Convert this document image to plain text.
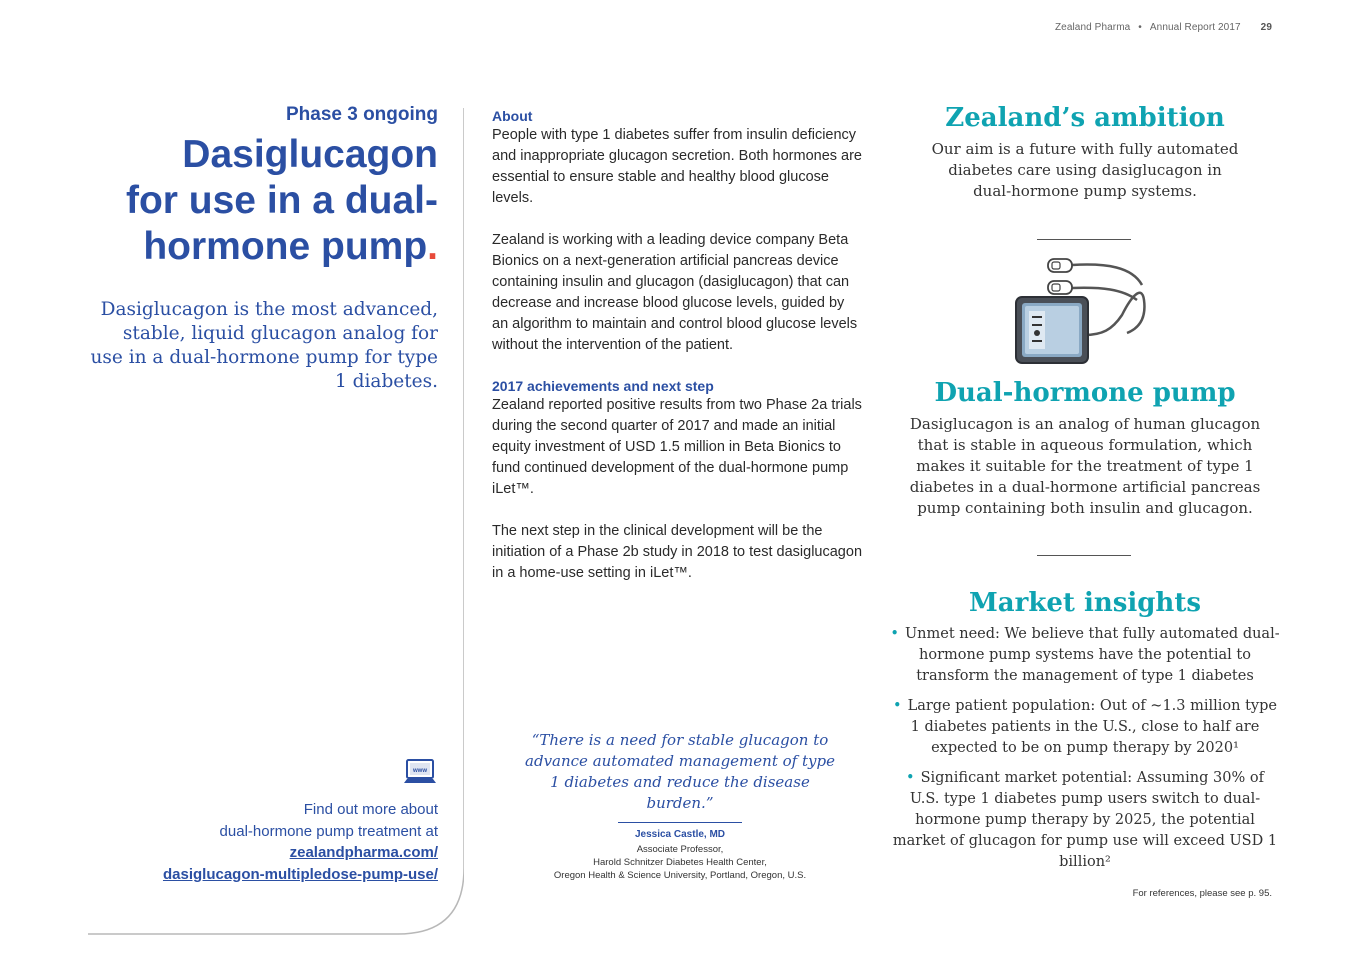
Zealand Pharma • Annual Report 2017 29
Phase 3 ongoing
Dasiglucagon
for use in a dual-
hormone pump.
Dasiglucagon is the most advanced, stable, liquid glucagon analog for use in a dual-hormone pump for type 1 diabetes.
www
Find out more about
dual-hormone pump treatment at
zealandpharma.com/
dasiglucagon-multipledose-pump-use/
About

People with type 1 diabetes suffer from insulin deficiency and inappropriate glucagon secretion. Both hormones are essential to ensure stable and healthy blood glucose levels.

Zealand is working with a leading device company Beta Bionics on a next-generation artificial pancreas device containing insulin and glucagon (dasiglucagon) that can decrease and increase blood glucose levels, guided by an algorithm to maintain and control blood glucose levels without the intervention of the patient.

2017 achievements and next step

Zealand reported positive results from two Phase 2a trials during the second quarter of 2017 and made an initial equity investment of USD 1.5 million in Beta Bionics to fund continued development of the dual-hormone pump iLet™.

The next step in the clinical development will be the initiation of a Phase 2b study in 2018 to test dasiglucagon in a home-use setting in iLet™.

“There is a need for stable glucagon to advance automated management of type 1 diabetes and reduce the disease burden.”
Jessica Castle, MD
Associate Professor,
Harold Schnitzer Diabetes Health Center,
Oregon Health & Science University, Portland, Oregon, U.S.
Zealand’s ambition

Our aim is a future with fully automated diabetes care using dasiglucagon in dual-hormone pump systems.

Dual-hormone pump

Dasiglucagon is an analog of human glucagon that is stable in aqueous formulation, which makes it suitable for the treatment of type 1 diabetes in a dual-hormone artificial pancreas pump containing both insulin and glucagon.

Market insights
• Unmet need: We believe that fully automated dual-hormone pump systems have the potential to transform the management of type 1 diabetes
• Large patient population: Out of ~1.3 million type 1 diabetes patients in the U.S., close to half are expected to be on pump therapy by 2020¹
• Significant market potential: Assuming 30% of U.S. type 1 diabetes pump users switch to dual-hormone pump therapy by 2025, the potential market of glucagon for pump use will exceed USD 1 billion²
For references, please see p. 95.
